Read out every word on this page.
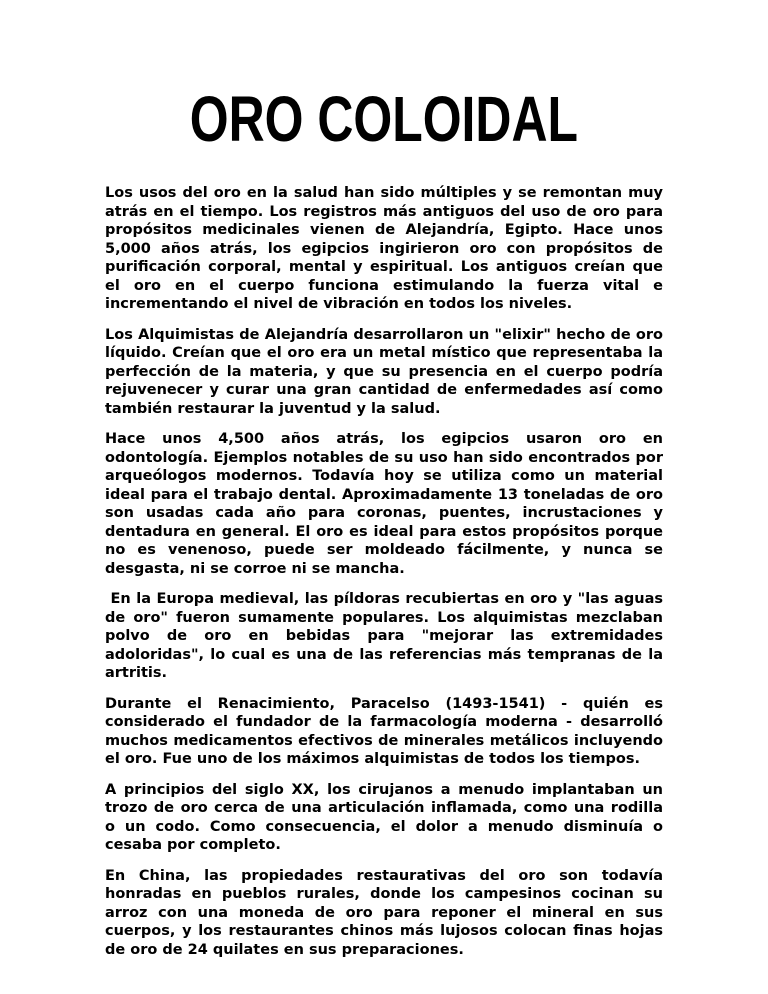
ORO COLOIDAL

Los usos del oro en la salud han sido múltiples y se remontan muy atrás en el tiempo. Los registros más antiguos del uso de oro para propósitos medicinales vienen de Alejandría, Egipto. Hace unos 5,000 años atrás, los egipcios ingirieron oro con propósitos de purificación corporal, mental y espiritual. Los antiguos creían que el oro en el cuerpo funciona estimulando la fuerza vital e incrementando el nivel de vibración en todos los niveles.

Los Alquimistas de Alejandría desarrollaron un "elixir" hecho de oro líquido. Creían que el oro era un metal místico que representaba la perfección de la materia, y que su presencia en el cuerpo podría rejuvenecer y curar una gran cantidad de enfermedades así como también restaurar la juventud y la salud.

Hace unos 4,500 años atrás, los egipcios usaron oro en odontología. Ejemplos notables de su uso han sido encontrados por arqueólogos modernos. Todavía hoy se utiliza como un material ideal para el trabajo dental. Aproximadamente 13 toneladas de oro son usadas cada año para coronas, puentes, incrustaciones y dentadura en general. El oro es ideal para estos propósitos porque no es venenoso, puede ser moldeado fácilmente, y nunca se desgasta, ni se corroe ni se mancha.

En la Europa medieval, las píldoras recubiertas en oro y "las aguas de oro" fueron sumamente populares. Los alquimistas mezclaban polvo de oro en bebidas para "mejorar las extremidades adoloridas", lo cual es una de las referencias más tempranas de la artritis.

Durante el Renacimiento, Paracelso (1493-1541) - quién es considerado el fundador de la farmacología moderna - desarrolló muchos medicamentos efectivos de minerales metálicos incluyendo el oro. Fue uno de los máximos alquimistas de todos los tiempos.

A principios del siglo XX, los cirujanos a menudo implantaban un trozo de oro cerca de una articulación inflamada, como una rodilla o un codo. Como consecuencia, el dolor a menudo disminuía o cesaba por completo.

En China, las propiedades restaurativas del oro son todavía honradas en pueblos rurales, donde los campesinos cocinan su arroz con una moneda de oro para reponer el mineral en sus cuerpos, y los restaurantes chinos más lujosos colocan finas hojas de oro de 24 quilates en sus preparaciones.
